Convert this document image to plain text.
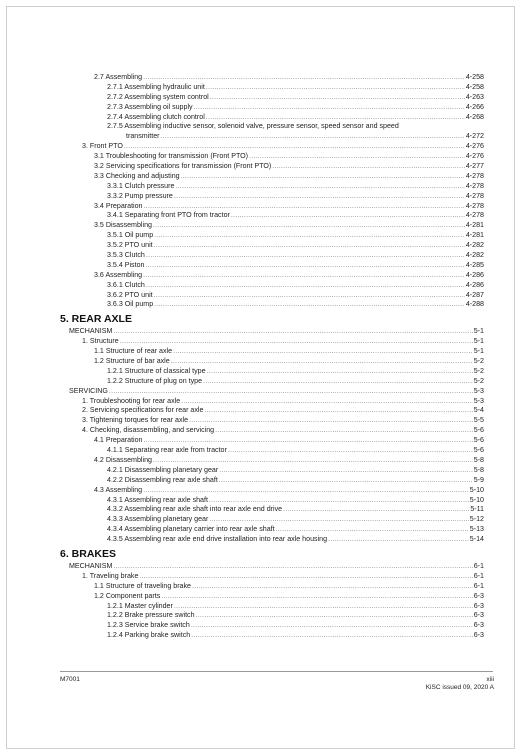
2.7 Assembling .....	4-258
2.7.1 Assembling hydraulic unit .....	4-258
2.7.2 Assembling system control .....	4-263
2.7.3 Assembling oil supply .....	4-266
2.7.4 Assembling clutch control .....	4-268
2.7.5 Assembling inductive sensor, solenoid valve, pressure sensor, speed sensor and speed
transmitter .....	4-272
3. Front PTO .....	4-276
3.1 Troubleshooting for transmission (Front PTO) .....	4-276
3.2 Servicing specifications for transmission (Front PTO) .....	4-277
3.3 Checking and adjusting .....	4-278
3.3.1 Clutch pressure .....	4-278
3.3.2 Pump pressure .....	4-278
3.4 Preparation .....	4-278
3.4.1 Separating front PTO from tractor .....	4-278
3.5 Disassembling .....	4-281
3.5.1 Oil pump .....	4-281
3.5.2 PTO unit .....	4-282
3.5.3 Clutch .....	4-282
3.5.4 Piston .....	4-285
3.6 Assembling .....	4-286
3.6.1 Clutch .....	4-286
3.6.2 PTO unit .....	4-287
3.6.3 Oil pump .....	4-288
5. REAR AXLE
MECHANISM .....	5-1
1. Structure .....	5-1
1.1 Structure of rear axle .....	5-1
1.2 Structure of bar axle .....	5-2
1.2.1 Structure of classical type .....	5-2
1.2.2 Structure of plug on type .....	5-2
SERVICING .....	5-3
1. Troubleshooting for rear axle .....	5-3
2. Servicing specifications for rear axle .....	5-4
3. Tightening torques for rear axle .....	5-5
4. Checking, disassembling, and servicing .....	5-6
4.1 Preparation .....	5-6
4.1.1 Separating rear axle from tractor .....	5-6
4.2 Disassembling .....	5-8
4.2.1 Disassembling planetary gear .....	5-8
4.2.2 Disassembling rear axle shaft .....	5-9
4.3 Assembling .....	5-10
4.3.1 Assembling rear axle shaft .....	5-10
4.3.2 Assembling rear axle shaft into rear axle end drive .....	5-11
4.3.3 Assembling planetary gear .....	5-12
4.3.4 Assembling planetary carrier into rear axle shaft .....	5-13
4.3.5 Assembling rear axle end drive installation into rear axle housing .....	5-14
6. BRAKES
MECHANISM .....	6-1
1. Traveling brake .....	6-1
1.1 Structure of traveling brake .....	6-1
1.2 Component parts .....	6-3
1.2.1 Master cylinder .....	6-3
1.2.2 Brake pressure switch .....	6-3
1.2.3 Service brake switch .....	6-3
1.2.4 Parking brake switch .....	6-3
M7001	xiii
KiSC issued 09, 2020 A
